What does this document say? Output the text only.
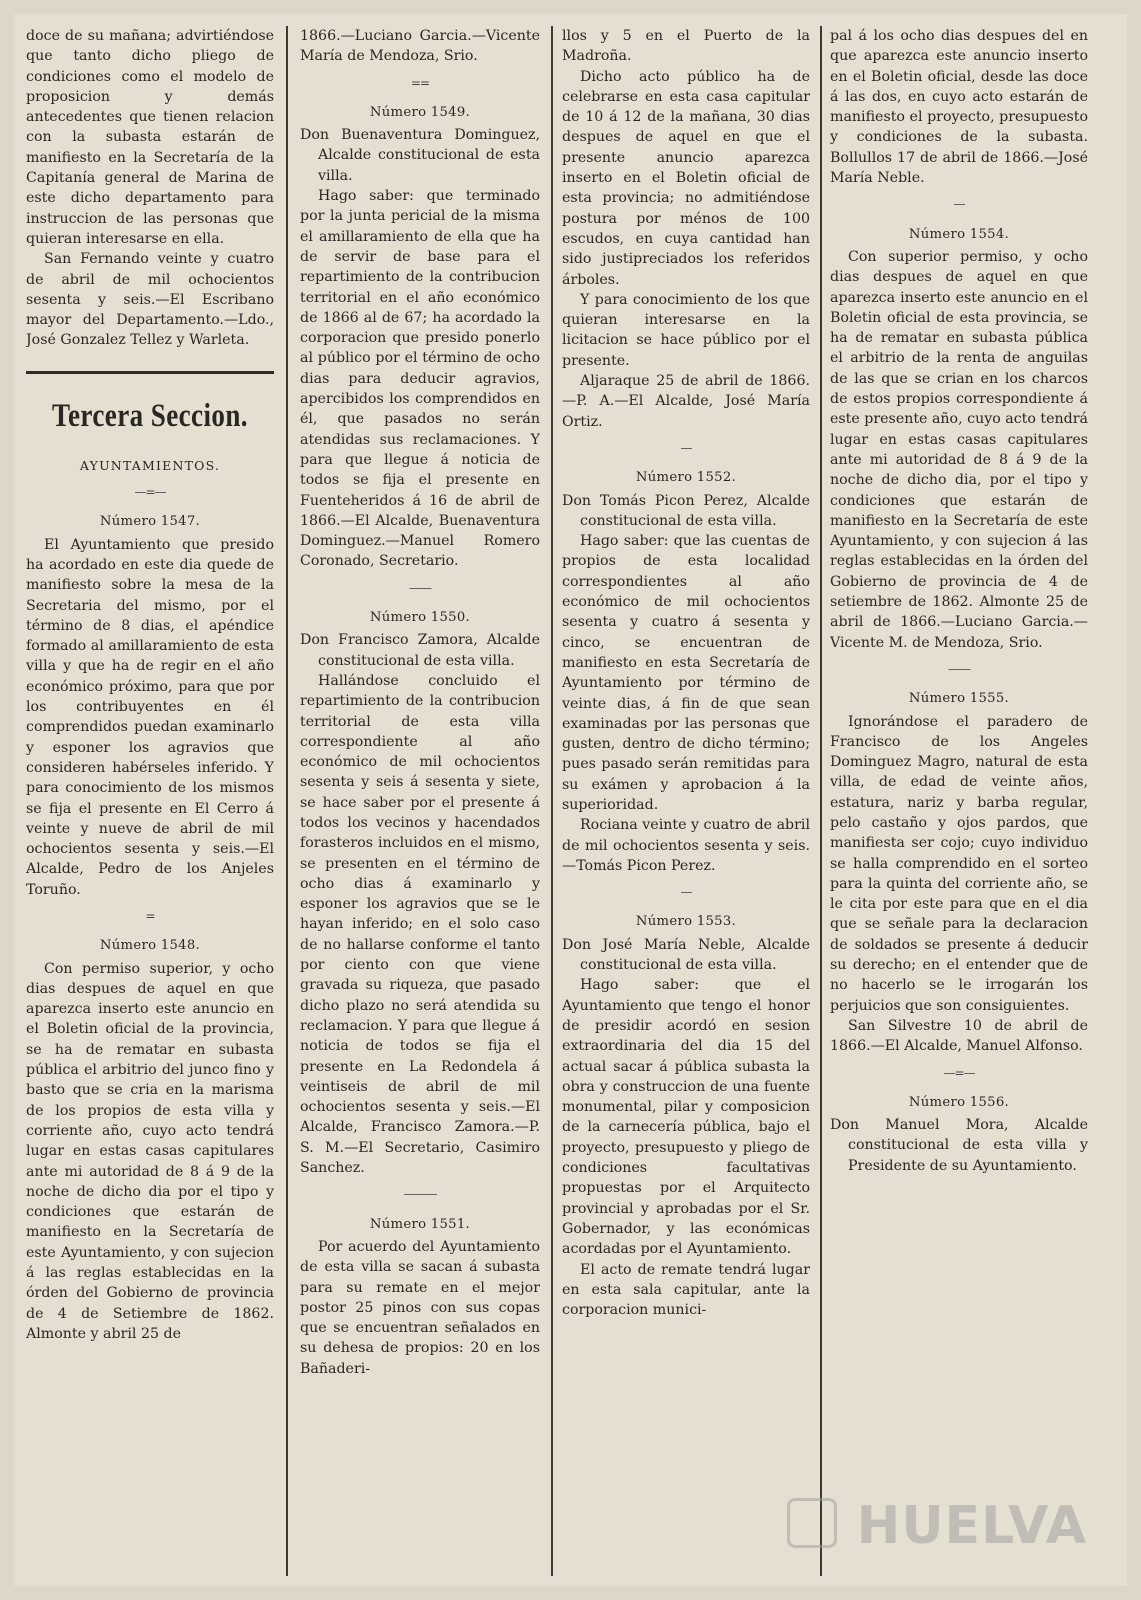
doce de su mañana; advirtiéndose que tanto dicho pliego de condiciones como el modelo de proposicion y demás antecedentes que tienen relacion con la subasta estarán de manifiesto en la Secretaría de la Capitanía general de Marina de este dicho departamento para instruccion de las personas que quieran interesarse en ella.

San Fernando veinte y cuatro de abril de mil ochocientos sesenta y seis.—El Escribano mayor del Departamento.—Ldo., José Gonzalez Tellez y Warleta.

Tercera Seccion.
AYUNTAMIENTOS.
—=—
Número 1547.

El Ayuntamiento que presido ha acordado en este dia quede de manifiesto sobre la mesa de la Secretaria del mismo, por el término de 8 dias, el apéndice formado al amillaramiento de esta villa y que ha de regir en el año económico próximo, para que por los contribuyentes en él comprendidos puedan examinarlo y esponer los agravios que consideren habérseles inferido. Y para conocimiento de los mismos se fija el presente en El Cerro á veinte y nueve de abril de mil ochocientos sesenta y seis.—El Alcalde, Pedro de los Anjeles Toruño.

=
Número 1548.

Con permiso superior, y ocho dias despues de aquel en que aparezca inserto este anuncio en el Boletin oficial de la provincia, se ha de rematar en subasta pública el arbitrio del junco fino y basto que se cria en la marisma de los propios de esta villa y corriente año, cuyo acto tendrá lugar en estas casas capitulares ante mi autoridad de 8 á 9 de la noche de dicho dia por el tipo y condiciones que estarán de manifiesto en la Secretaría de este Ayuntamiento, y con sujecion á las reglas establecidas en la órden del Gobierno de provincia de 4 de Setiembre de 1862. Almonte y abril 25 de

1866.—Luciano Garcia.—Vicente María de Mendoza, Srio.

==
Número 1549.

Don Buenaventura Dominguez, Alcalde constitucional de esta villa.

Hago saber: que terminado por la junta pericial de la misma el amillaramiento de ella que ha de servir de base para el repartimiento de la contribucion territorial en el año económico de 1866 al de 67; ha acordado la corporacion que presido ponerlo al público por el término de ocho dias para deducir agravios, apercibidos los comprendidos en él, que pasados no serán atendidas sus reclamaciones. Y para que llegue á noticia de todos se fija el presente en Fuenteheridos á 16 de abril de 1866.—El Alcalde, Buenaventura Dominguez.—Manuel Romero Coronado, Secretario.

——
Número 1550.

Don Francisco Zamora, Alcalde constitucional de esta villa.

Hallándose concluido el repartimiento de la contribucion territorial de esta villa correspondiente al año económico de mil ochocientos sesenta y seis á sesenta y siete, se hace saber por el presente á todos los vecinos y hacendados forasteros incluidos en el mismo, se presenten en el término de ocho dias á examinarlo y esponer los agravios que se le hayan inferido; en el solo caso de no hallarse conforme el tanto por ciento con que viene gravada su riqueza, que pasado dicho plazo no será atendida su reclamacion. Y para que llegue á noticia de todos se fija el presente en La Redondela á veintiseis de abril de mil ochocientos sesenta y seis.—El Alcalde, Francisco Zamora.—P. S. M.—El Secretario, Casimiro Sanchez.

———
Número 1551.

Por acuerdo del Ayuntamiento de esta villa se sacan á subasta para su remate en el mejor postor 25 pinos con sus copas que se encuentran señalados en su dehesa de propios: 20 en los Bañaderi-

llos y 5 en el Puerto de la Madroña.

Dicho acto público ha de celebrarse en esta casa capitular de 10 á 12 de la mañana, 30 dias despues de aquel en que el presente anuncio aparezca inserto en el Boletin oficial de esta provincia; no admitiéndose postura por ménos de 100 escudos, en cuya cantidad han sido justipreciados los referidos árboles.

Y para conocimiento de los que quieran interesarse en la licitacion se hace público por el presente.

Aljaraque 25 de abril de 1866.—P. A.—El Alcalde, José María Ortiz.

—
Número 1552.

Don Tomás Picon Perez, Alcalde constitucional de esta villa.

Hago saber: que las cuentas de propios de esta localidad correspondientes al año económico de mil ochocientos sesenta y cuatro á sesenta y cinco, se encuentran de manifiesto en esta Secretaría de Ayuntamiento por término de veinte dias, á fin de que sean examinadas por las personas que gusten, dentro de dicho término; pues pasado serán remitidas para su exámen y aprobacion á la superioridad.

Rociana veinte y cuatro de abril de mil ochocientos sesenta y seis.—Tomás Picon Perez.

—
Número 1553.

Don José María Neble, Alcalde constitucional de esta villa.

Hago saber: que el Ayuntamiento que tengo el honor de presidir acordó en sesion extraordinaria del dia 15 del actual sacar á pública subasta la obra y construccion de una fuente monumental, pilar y composicion de la carnecería pública, bajo el proyecto, presupuesto y pliego de condiciones facultativas propuestas por el Arquitecto provincial y aprobadas por el Sr. Gobernador, y las económicas acordadas por el Ayuntamiento.

El acto de remate tendrá lugar en esta sala capitular, ante la corporacion munici-

pal á los ocho dias despues del en que aparezca este anuncio inserto en el Boletin oficial, desde las doce á las dos, en cuyo acto estarán de manifiesto el proyecto, presupuesto y condiciones de la subasta. Bollullos 17 de abril de 1866.—José María Neble.

—
Número 1554.

Con superior permiso, y ocho dias despues de aquel en que aparezca inserto este anuncio en el Boletin oficial de esta provincia, se ha de rematar en subasta pública el arbitrio de la renta de anguilas de las que se crian en los charcos de estos propios correspondiente á este presente año, cuyo acto tendrá lugar en estas casas capitulares ante mi autoridad de 8 á 9 de la noche de dicho dia, por el tipo y condiciones que estarán de manifiesto en la Secretaría de este Ayuntamiento, y con sujecion á las reglas establecidas en la órden del Gobierno de provincia de 4 de setiembre de 1862. Almonte 25 de abril de 1866.—Luciano Garcia.—Vicente M. de Mendoza, Srio.

——
Número 1555.

Ignorándose el paradero de Francisco de los Angeles Dominguez Magro, natural de esta villa, de edad de veinte años, estatura, nariz y barba regular, pelo castaño y ojos pardos, que manifiesta ser cojo; cuyo individuo se halla comprendido en el sorteo para la quinta del corriente año, se le cita por este para que en el dia que se señale para la declaracion de soldados se presente á deducir su derecho; en el entender que de no hacerlo se le irrogarán los perjuicios que son consiguientes.

San Silvestre 10 de abril de 1866.—El Alcalde, Manuel Alfonso.

—=—
Número 1556.

Don Manuel Mora, Alcalde constitucional de esta villa y Presidente de su Ayuntamiento.

HUELVA
